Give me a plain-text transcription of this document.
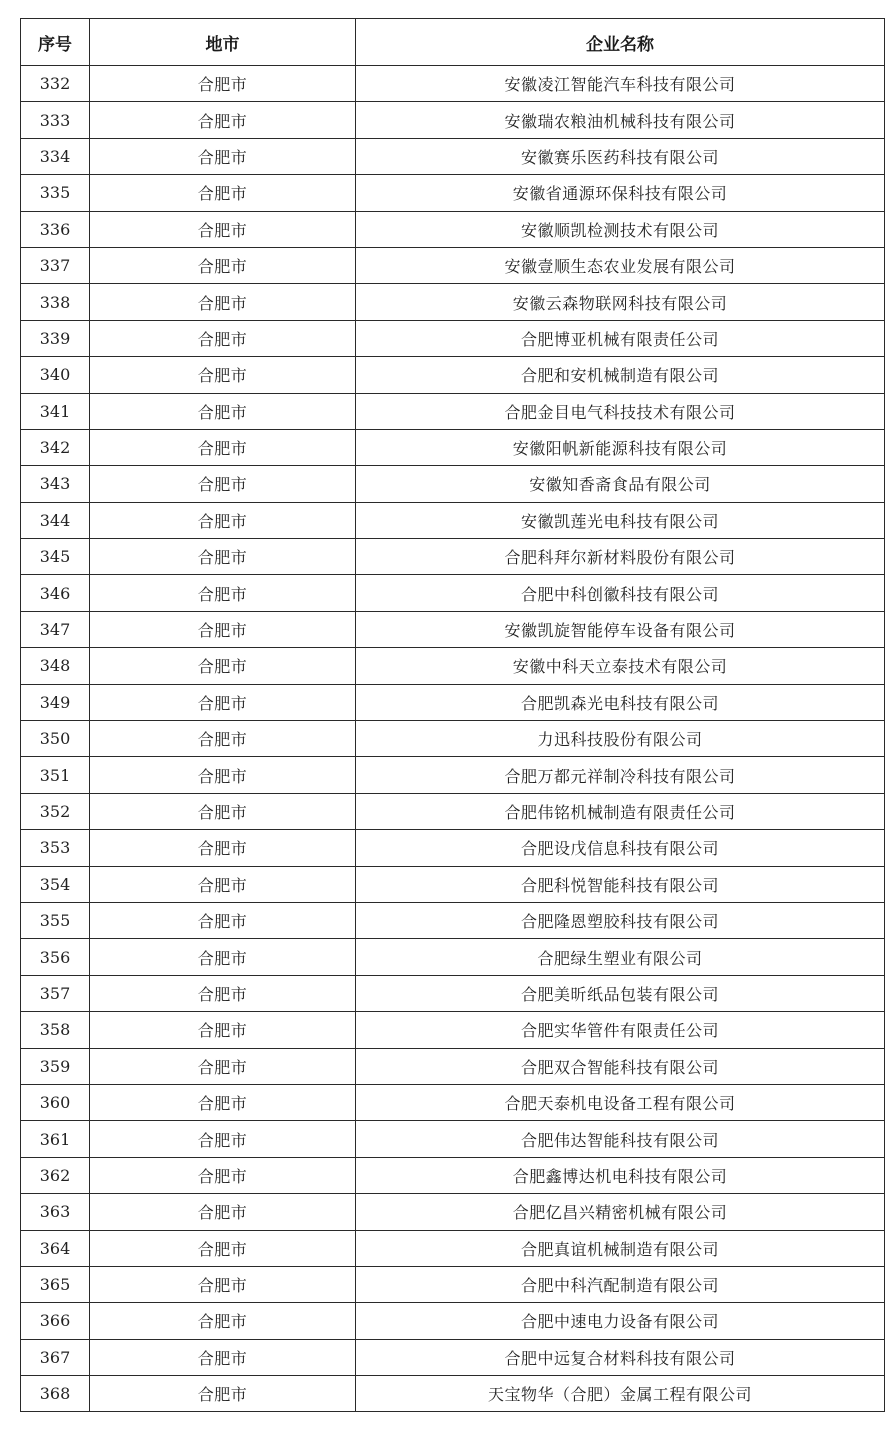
序号	地市	企业名称
332	合肥市	安徽凌江智能汽车科技有限公司
333	合肥市	安徽瑞农粮油机械科技有限公司
334	合肥市	安徽赛乐医药科技有限公司
335	合肥市	安徽省通源环保科技有限公司
336	合肥市	安徽顺凯检测技术有限公司
337	合肥市	安徽壹顺生态农业发展有限公司
338	合肥市	安徽云森物联网科技有限公司
339	合肥市	合肥博亚机械有限责任公司
340	合肥市	合肥和安机械制造有限公司
341	合肥市	合肥金目电气科技技术有限公司
342	合肥市	安徽阳帆新能源科技有限公司
343	合肥市	安徽知香斋食品有限公司
344	合肥市	安徽凯莲光电科技有限公司
345	合肥市	合肥科拜尔新材料股份有限公司
346	合肥市	合肥中科创徽科技有限公司
347	合肥市	安徽凯旋智能停车设备有限公司
348	合肥市	安徽中科天立泰技术有限公司
349	合肥市	合肥凯森光电科技有限公司
350	合肥市	力迅科技股份有限公司
351	合肥市	合肥万都元祥制冷科技有限公司
352	合肥市	合肥伟铭机械制造有限责任公司
353	合肥市	合肥设戊信息科技有限公司
354	合肥市	合肥科悦智能科技有限公司
355	合肥市	合肥隆恩塑胶科技有限公司
356	合肥市	合肥绿生塑业有限公司
357	合肥市	合肥美昕纸品包装有限公司
358	合肥市	合肥实华管件有限责任公司
359	合肥市	合肥双合智能科技有限公司
360	合肥市	合肥天泰机电设备工程有限公司
361	合肥市	合肥伟达智能科技有限公司
362	合肥市	合肥鑫博达机电科技有限公司
363	合肥市	合肥亿昌兴精密机械有限公司
364	合肥市	合肥真谊机械制造有限公司
365	合肥市	合肥中科汽配制造有限公司
366	合肥市	合肥中速电力设备有限公司
367	合肥市	合肥中远复合材料科技有限公司
368	合肥市	天宝物华（合肥）金属工程有限公司
